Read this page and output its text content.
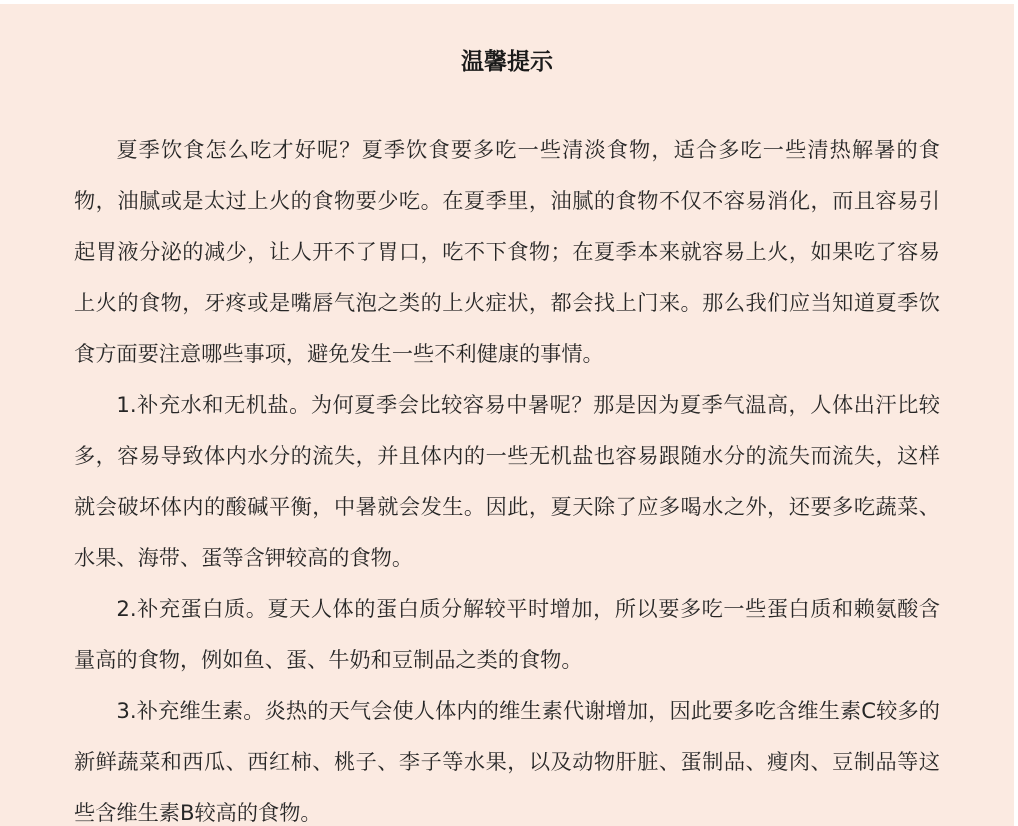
温馨提示

夏季饮食怎么吃才好呢？夏季饮食要多吃一些清淡食物，适合多吃一些清热解暑的食物，油腻或是太过上火的食物要少吃。在夏季里，油腻的食物不仅不容易消化，而且容易引起胃液分泌的减少，让人开不了胃口，吃不下食物；在夏季本来就容易上火，如果吃了容易上火的食物，牙疼或是嘴唇气泡之类的上火症状，都会找上门来。那么我们应当知道夏季饮食方面要注意哪些事项，避免发生一些不利健康的事情。

1.补充水和无机盐。为何夏季会比较容易中暑呢？那是因为夏季气温高，人体出汗比较多，容易导致体内水分的流失，并且体内的一些无机盐也容易跟随水分的流失而流失，这样就会破坏体内的酸碱平衡，中暑就会发生。因此，夏天除了应多喝水之外，还要多吃蔬菜、水果、海带、蛋等含钾较高的食物。

2.补充蛋白质。夏天人体的蛋白质分解较平时增加，所以要多吃一些蛋白质和赖氨酸含量高的食物，例如鱼、蛋、牛奶和豆制品之类的食物。

3.补充维生素。炎热的天气会使人体内的维生素代谢增加，因此要多吃含维生素C较多的新鲜蔬菜和西瓜、西红柿、桃子、李子等水果，以及动物肝脏、蛋制品、瘦肉、豆制品等这些含维生素B较高的食物。
